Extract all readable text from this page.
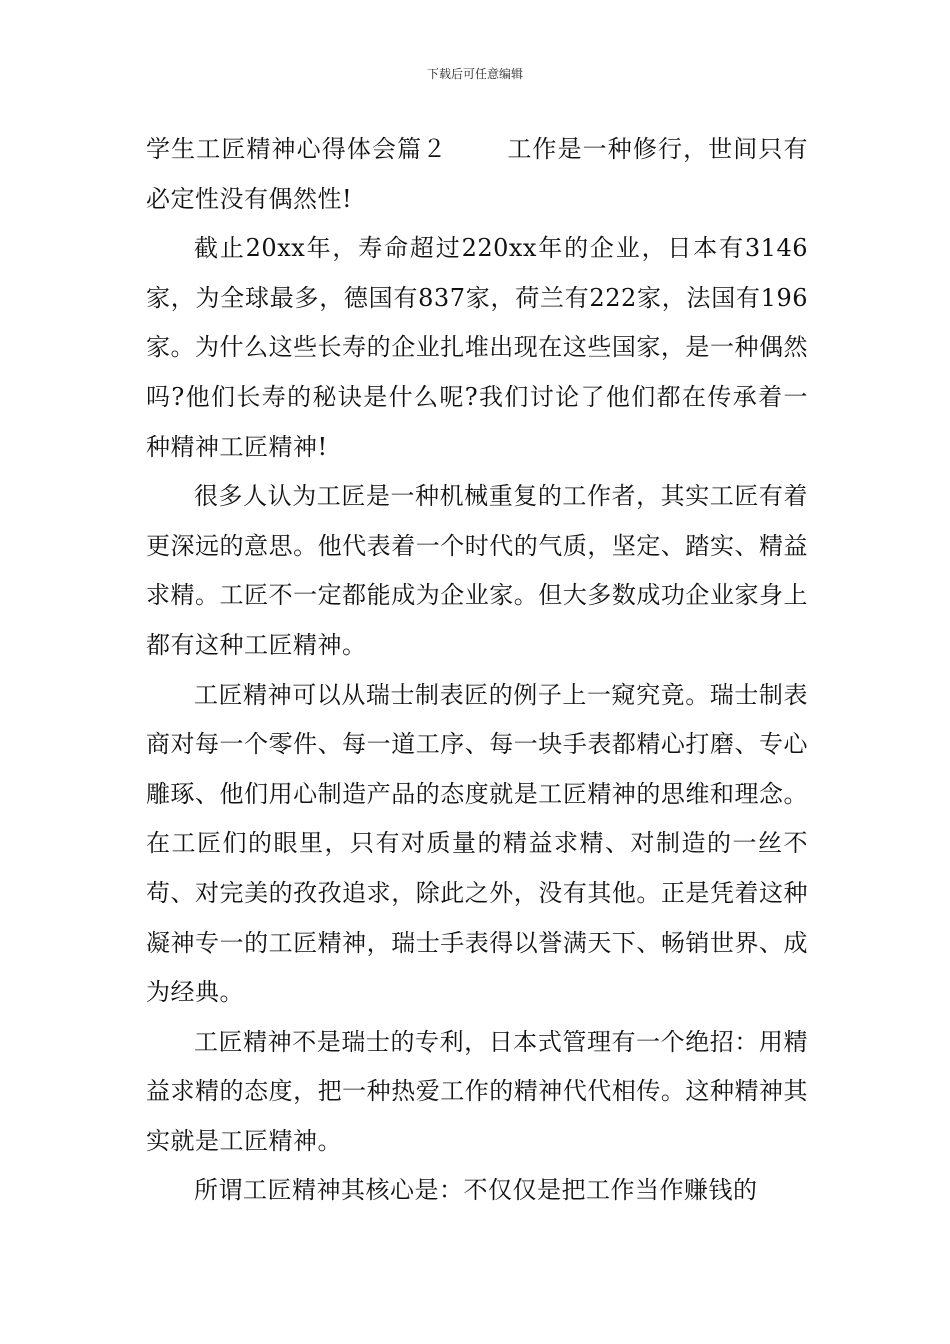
下载后可任意编辑

学生工匠精神心得体会篇２	工作是一种修行，世间只有必定性没有偶然性!

截止20xx年，寿命超过220xx年的企业，日本有3146家，为全球最多，德国有837家，荷兰有222家，法国有196家。为什么这些长寿的企业扎堆出现在这些国家，是一种偶然吗?他们长寿的秘诀是什么呢?我们讨论了他们都在传承着一种精神工匠精神!

很多人认为工匠是一种机械重复的工作者，其实工匠有着更深远的意思。他代表着一个时代的气质，坚定、踏实、精益求精。工匠不一定都能成为企业家。但大多数成功企业家身上都有这种工匠精神。

工匠精神可以从瑞士制表匠的例子上一窥究竟。瑞士制表商对每一个零件、每一道工序、每一块手表都精心打磨、专心雕琢、他们用心制造产品的态度就是工匠精神的思维和理念。在工匠们的眼里，只有对质量的精益求精、对制造的一丝不苟、对完美的孜孜追求，除此之外，没有其他。正是凭着这种凝神专一的工匠精神，瑞士手表得以誉满天下、畅销世界、成为经典。

工匠精神不是瑞士的专利，日本式管理有一个绝招：用精益求精的态度，把一种热爱工作的精神代代相传。这种精神其实就是工匠精神。

所谓工匠精神其核心是：不仅仅是把工作当作赚钱的
